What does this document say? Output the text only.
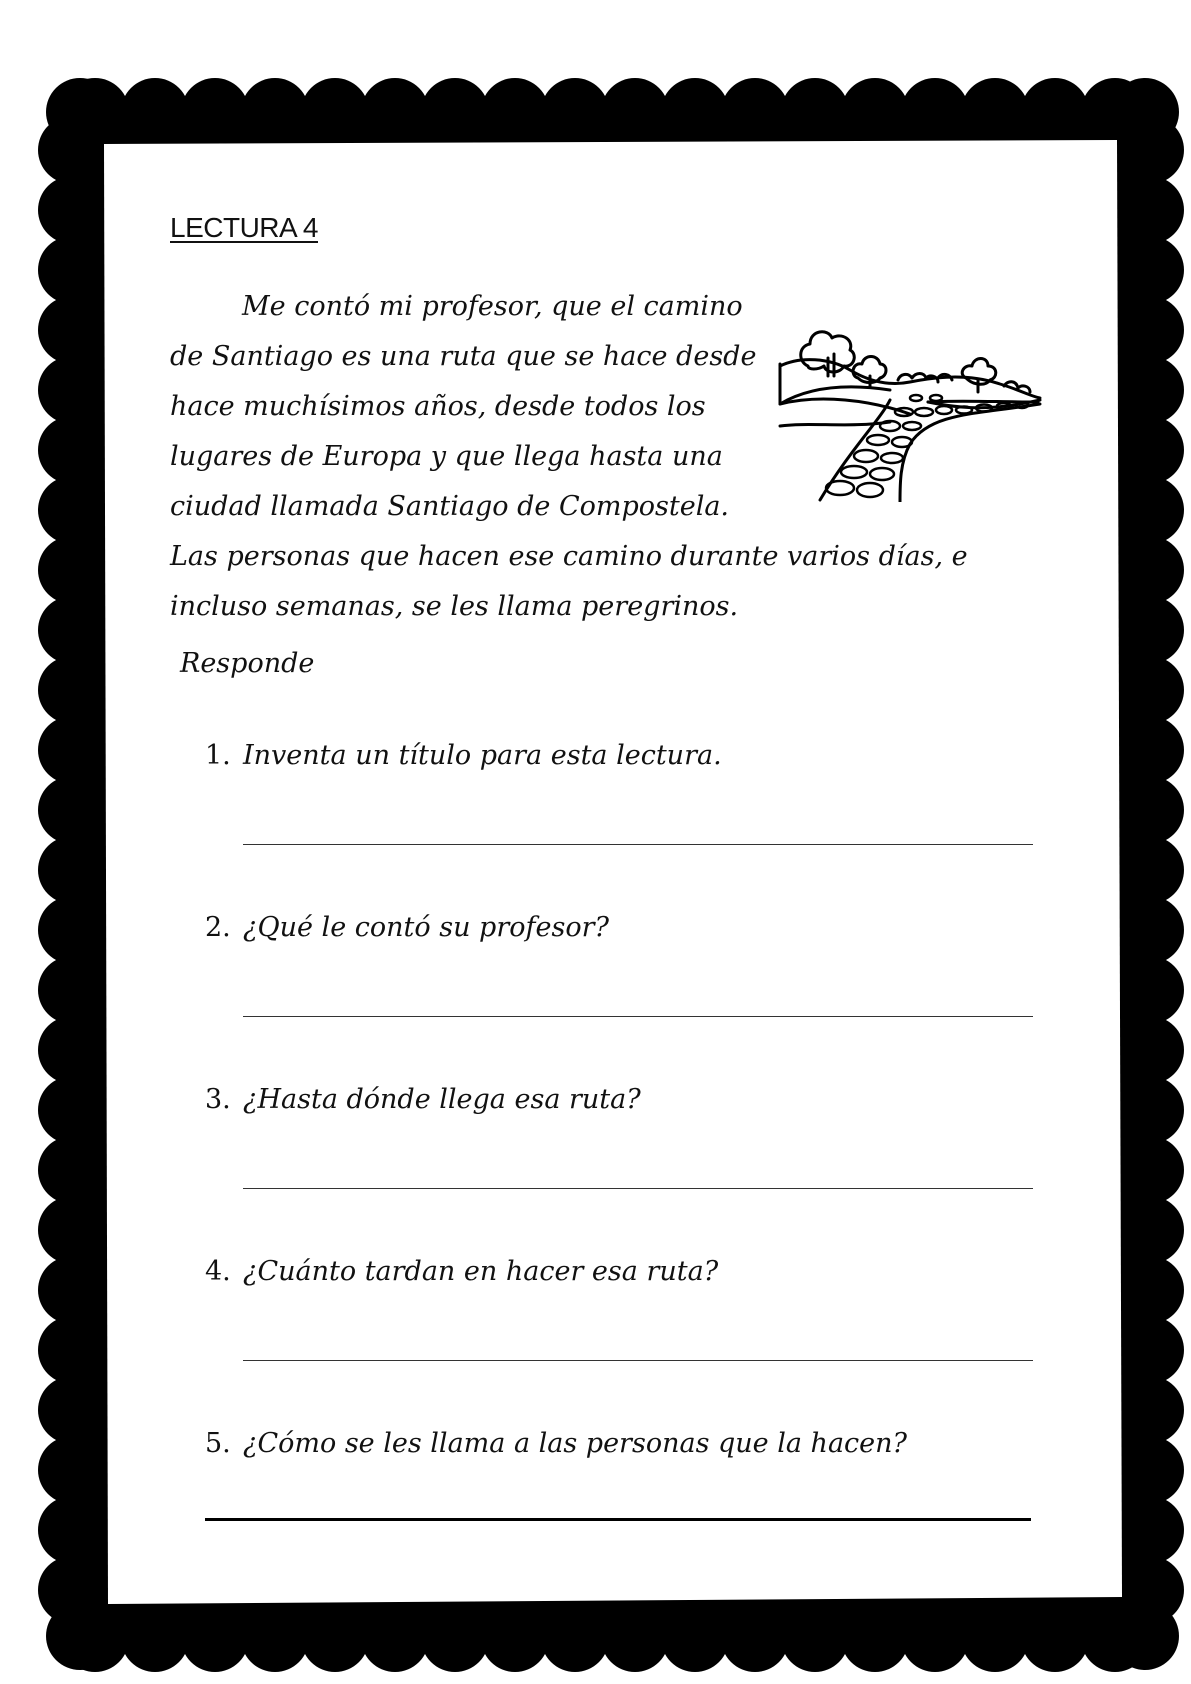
LECTURA 4
Me contó mi profesor, que el camino
de Santiago es una ruta que se hace desde
hace muchísimos años, desde todos los
lugares de Europa y que llega hasta una
ciudad llamada Santiago de Compostela.
Las personas que hacen ese camino durante varios días, e
incluso semanas, se les llama peregrinos.

Responde

1. Inventa un título para esta lectura.
2. ¿Qué le contó su profesor?
3. ¿Hasta dónde llega esa ruta?
4. ¿Cuánto tardan en hacer esa ruta?
5. ¿Cómo se les llama a las personas que la hacen?
